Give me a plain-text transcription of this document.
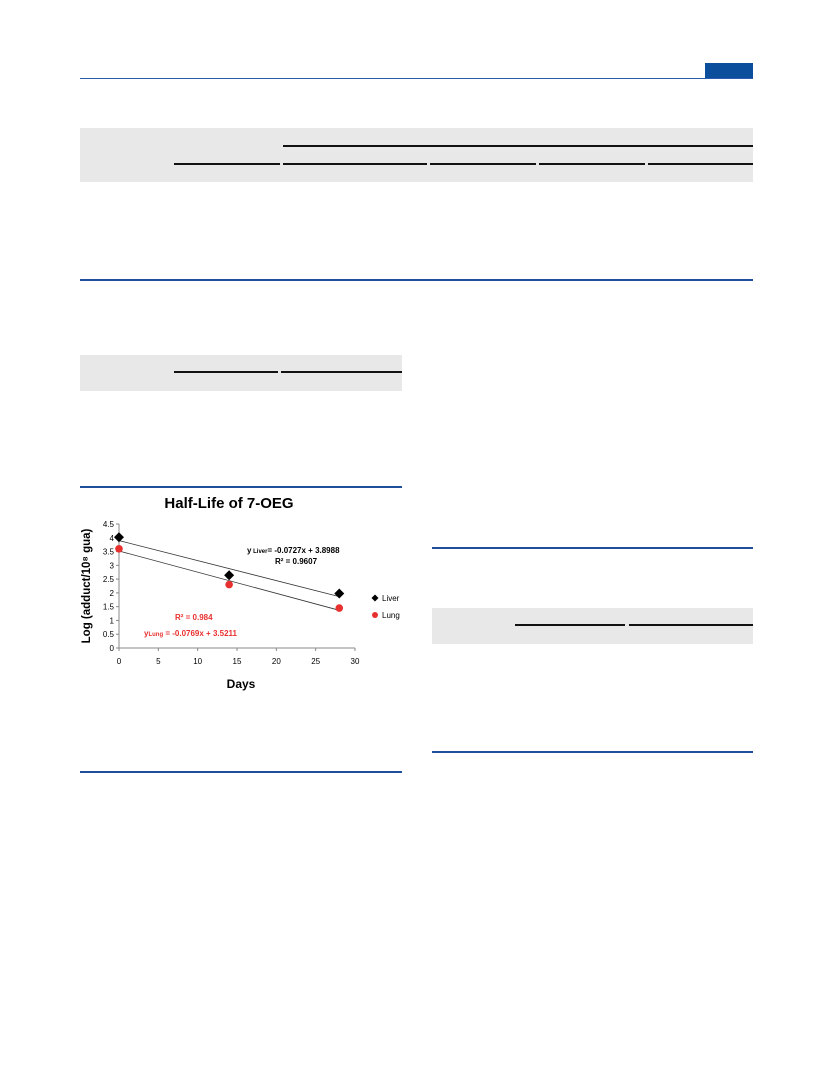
Half-Life of 7-OEG
0
0.5
1
1.5
2
2.5
3
3.5
4
4.5
0	5	10	15	20	25	30
Days
Log (adduct/10⁸ gua)	y Liver= -0.0727x + 3.8988
R² = 0.9607
yLung = -0.0769x + 3.5211
R² = 0.984
Liver
Lung
